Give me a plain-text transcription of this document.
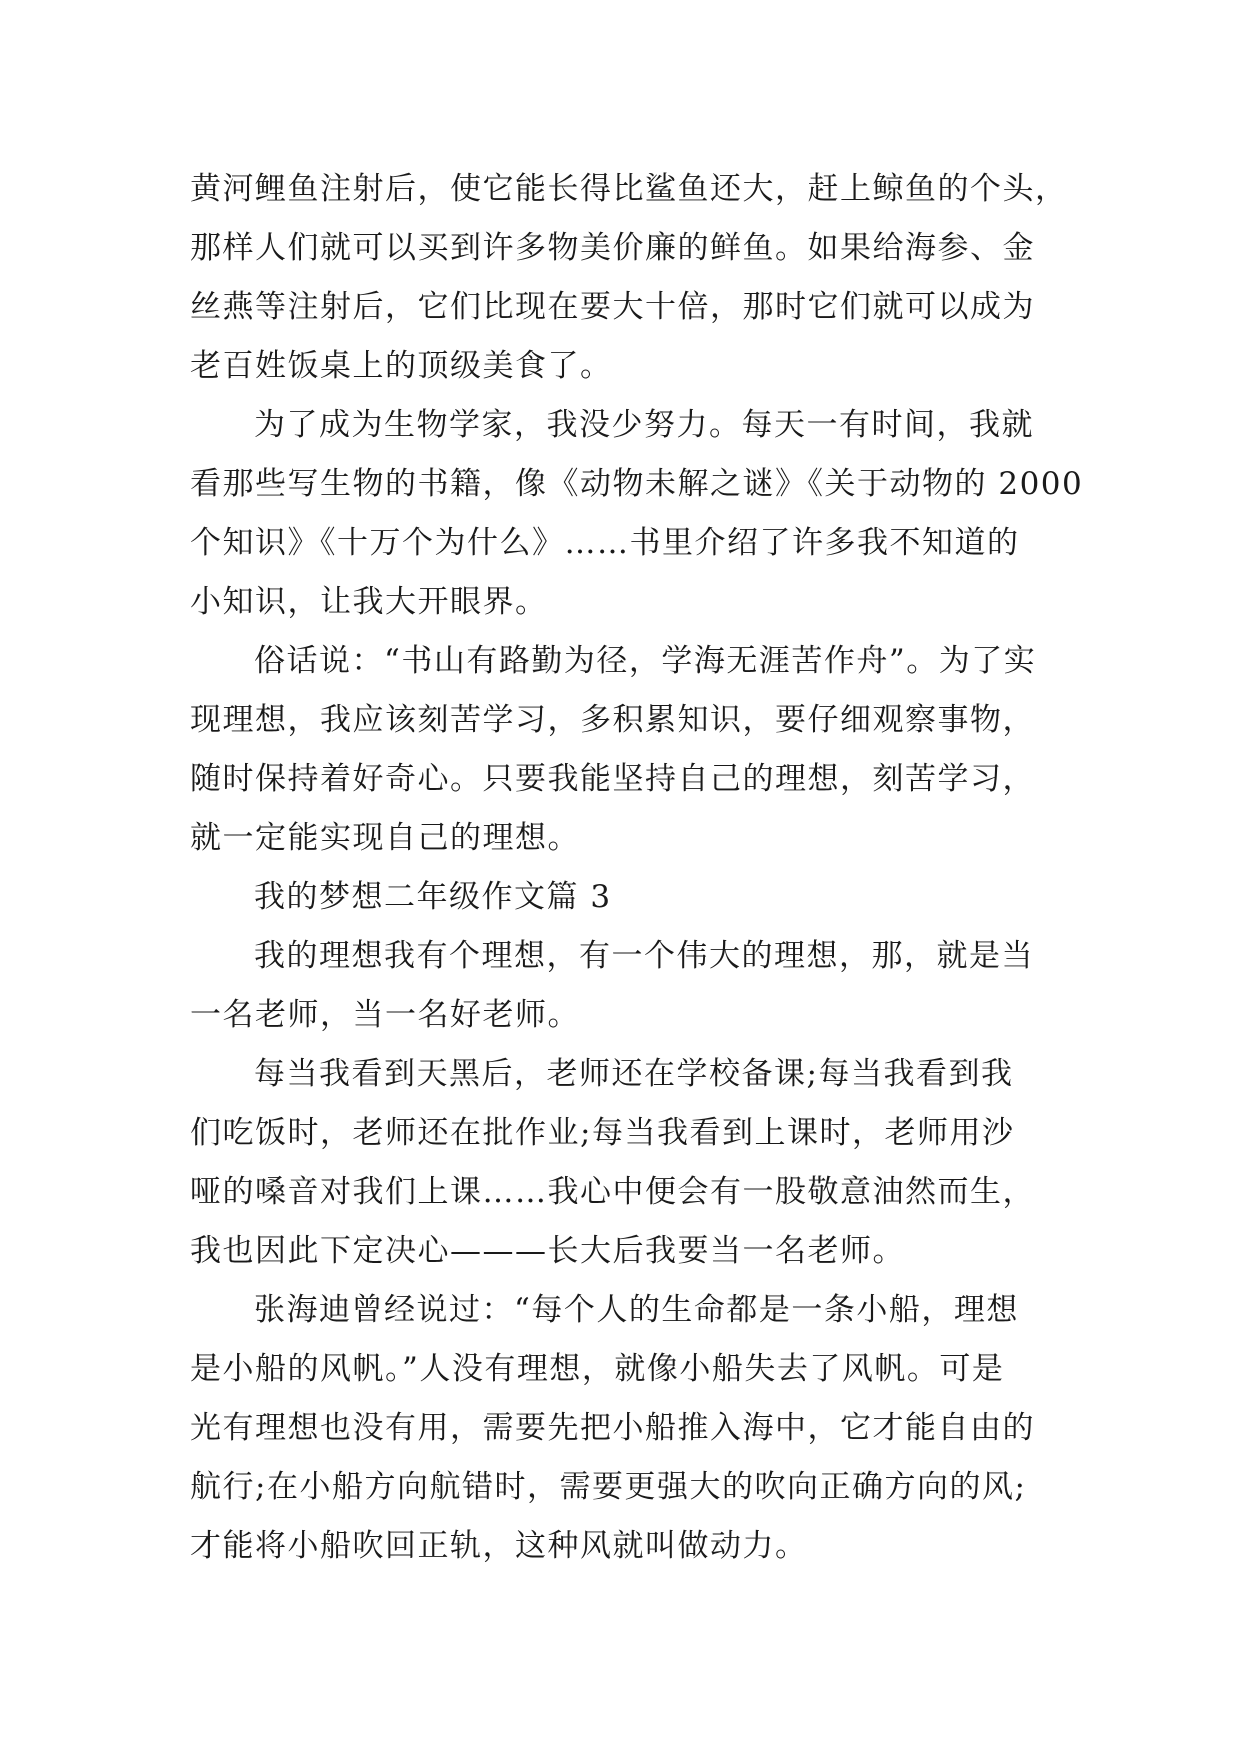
黄河鲤鱼注射后，使它能长得比鲨鱼还大，赶上鲸鱼的个头，
那样人们就可以买到许多物美价廉的鲜鱼。如果给海参、金
丝燕等注射后，它们比现在要大十倍，那时它们就可以成为
老百姓饭桌上的顶级美食了。
为了成为生物学家，我没少努力。每天一有时间，我就
看那些写生物的书籍，像《动物未解之谜》《关于动物的 2000
个知识》《十万个为什么》……书里介绍了许多我不知道的
小知识，让我大开眼界。
俗话说：“书山有路勤为径，学海无涯苦作舟”。为了实
现理想，我应该刻苦学习，多积累知识，要仔细观察事物，
随时保持着好奇心。只要我能坚持自己的理想，刻苦学习，
就一定能实现自己的理想。
我的梦想二年级作文篇 3
我的理想我有个理想，有一个伟大的理想，那，就是当
一名老师，当一名好老师。
每当我看到天黑后，老师还在学校备课;每当我看到我
们吃饭时，老师还在批作业;每当我看到上课时，老师用沙
哑的嗓音对我们上课……我心中便会有一股敬意油然而生，
我也因此下定决心———长大后我要当一名老师。
张海迪曾经说过：“每个人的生命都是一条小船，理想
是小船的风帆。”人没有理想，就像小船失去了风帆。可是
光有理想也没有用，需要先把小船推入海中，它才能自由的
航行;在小船方向航错时，需要更强大的吹向正确方向的风;
才能将小船吹回正轨，这种风就叫做动力。
